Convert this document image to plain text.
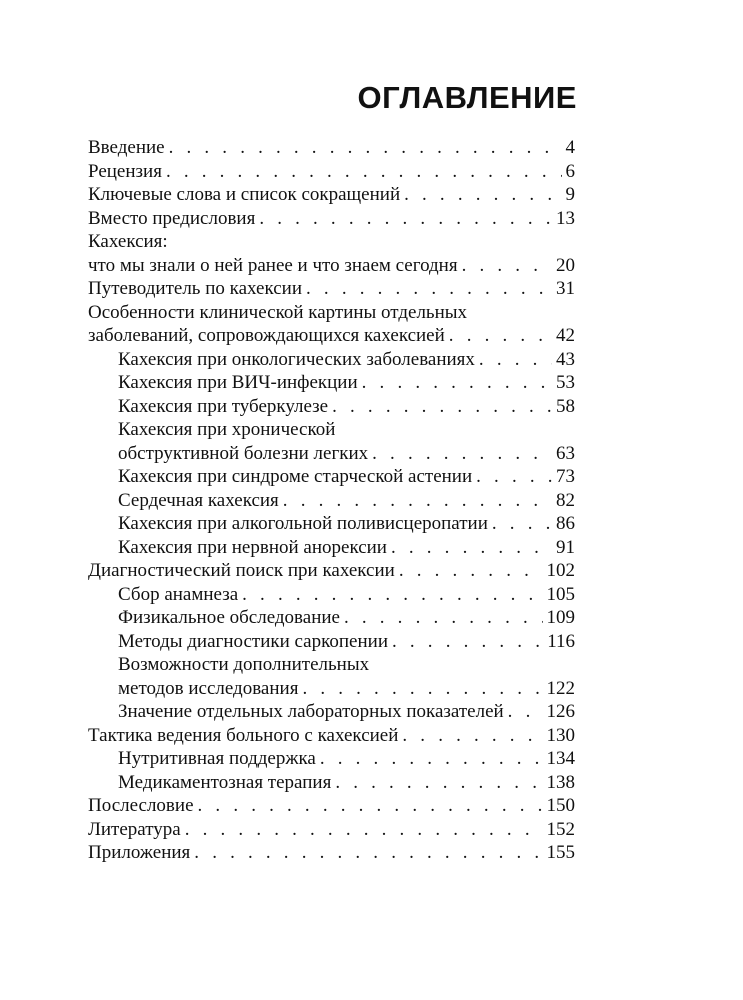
ОГЛАВЛЕНИЕ
Введение . . .	4
Рецензия . . .	6
Ключевые слова и список сокращений . . .	9
Вместо предисловия . . .	13
Кахексия:
что мы знали о ней ранее и что знаем сегодня . . .	20
Путеводитель по кахексии . . .	31
Особенности клинической картины отдельных
заболеваний, сопровождающихся кахексией . . .	42
Кахексия при онкологических заболеваниях . . .	43
Кахексия при ВИЧ-инфекции . . .	53
Кахексия при туберкулезе . . .	58
Кахексия при хронической
обструктивной болезни легких . . .	63
Кахексия при синдроме старческой астении . . .	73
Сердечная кахексия . . .	82
Кахексия при алкогольной поливисцеропатии . . .	86
Кахексия при нервной анорексии . . .	91
Диагностический поиск при кахексии . . .	102
Сбор анамнеза . . .	105
Физикальное обследование . . .	109
Методы диагностики саркопении . . .	116
Возможности дополнительных
методов исследования . . .	122
Значение отдельных лабораторных показателей . . . 126
Тактика ведения больного с кахексией . . .	130
Нутритивная поддержка . . .	134
Медикаментозная терапия . . .	138
Послесловие . . .	150
Литература . . .	152
Приложения . . .	155
